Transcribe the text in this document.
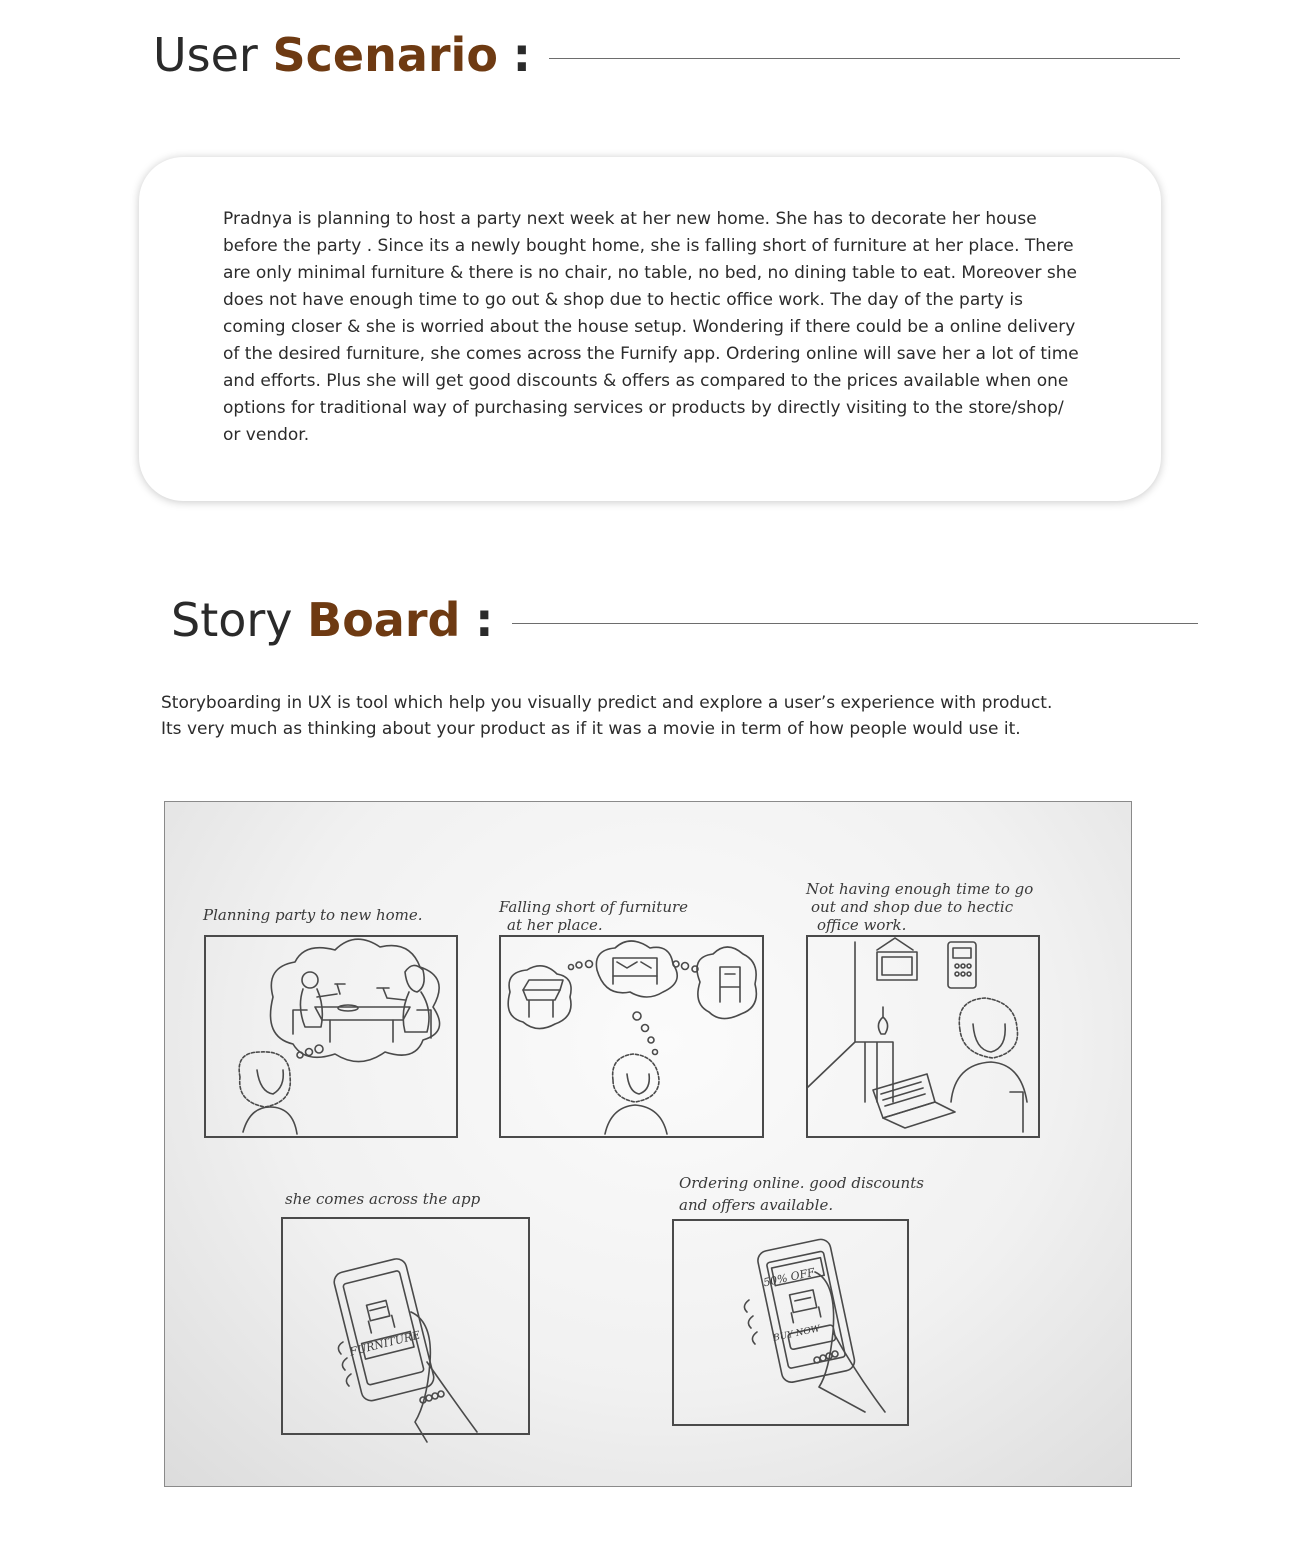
User Scenario :

Pradnya is planning to host a party next week at her new home. She has to decorate her house before the party . Since its a newly bought home, she is falling short of furniture at her place. There are only minimal furniture & there is no chair, no table, no bed, no dining table to eat. Moreover she does not have enough time to go out & shop due to hectic office work. The day of the party is coming closer & she is worried about the house setup. Wondering if there could be a online delivery of the desired furniture, she comes across the Furnify app. Ordering online will save her a lot of time and efforts. Plus she will get good discounts & offers as compared to the prices available when one options for traditional way of purchasing services or products by directly visiting to the store/shop/ or vendor.

Story Board :

Storyboarding in UX is tool which help you visually predict and explore a user’s experience with product.
Its very much as thinking about your product as if it was a movie in term of how people would use it.

Planning party to new home.	Falling short of furniture
at her place.
Not having enough time to go
out and shop due to hectic
office work.
she comes across the app
Ordering online. good discounts
and offers available.
FURNITURE
50% OFF
BUY NOW
